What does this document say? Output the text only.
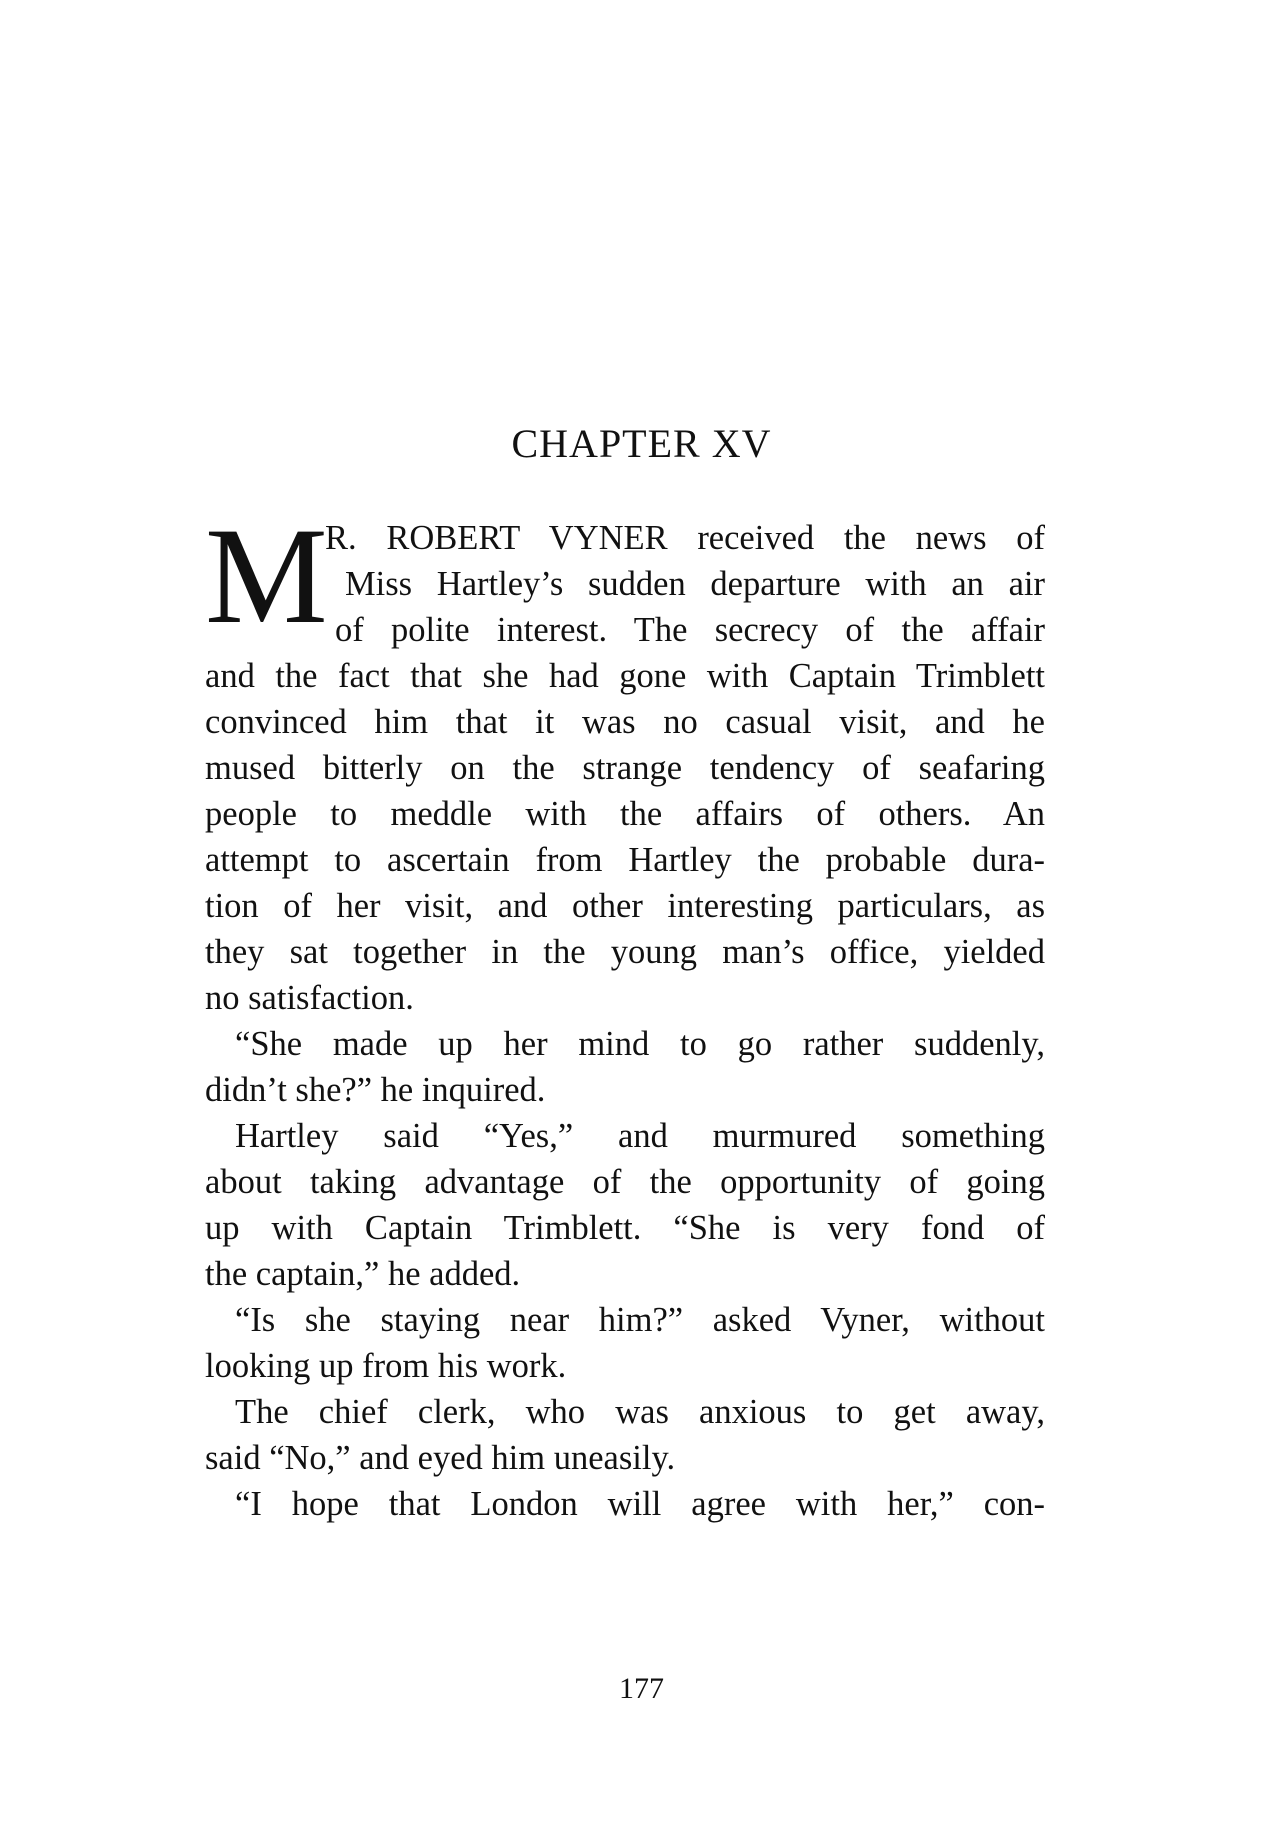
CHAPTER XV
M
R. ROBERT VYNER received the news of
Miss Hartley’s sudden departure with an air
of polite interest. The secrecy of the affair
and the fact that she had gone with Captain Trimblett
convinced him that it was no casual visit, and he
mused bitterly on the strange tendency of seafaring
people to meddle with the affairs of others. An
attempt to ascertain from Hartley the probable dura-
tion of her visit, and other interesting particulars, as
they sat together in the young man’s office, yielded
no satisfaction.
“She made up her mind to go rather suddenly,
didn’t she?” he inquired.
Hartley said “Yes,” and murmured something
about taking advantage of the opportunity of going
up with Captain Trimblett. “She is very fond of
the captain,” he added.
“Is she staying near him?” asked Vyner, without
looking up from his work.
The chief clerk, who was anxious to get away,
said “No,” and eyed him uneasily.
“I hope that London will agree with her,” con-
177
